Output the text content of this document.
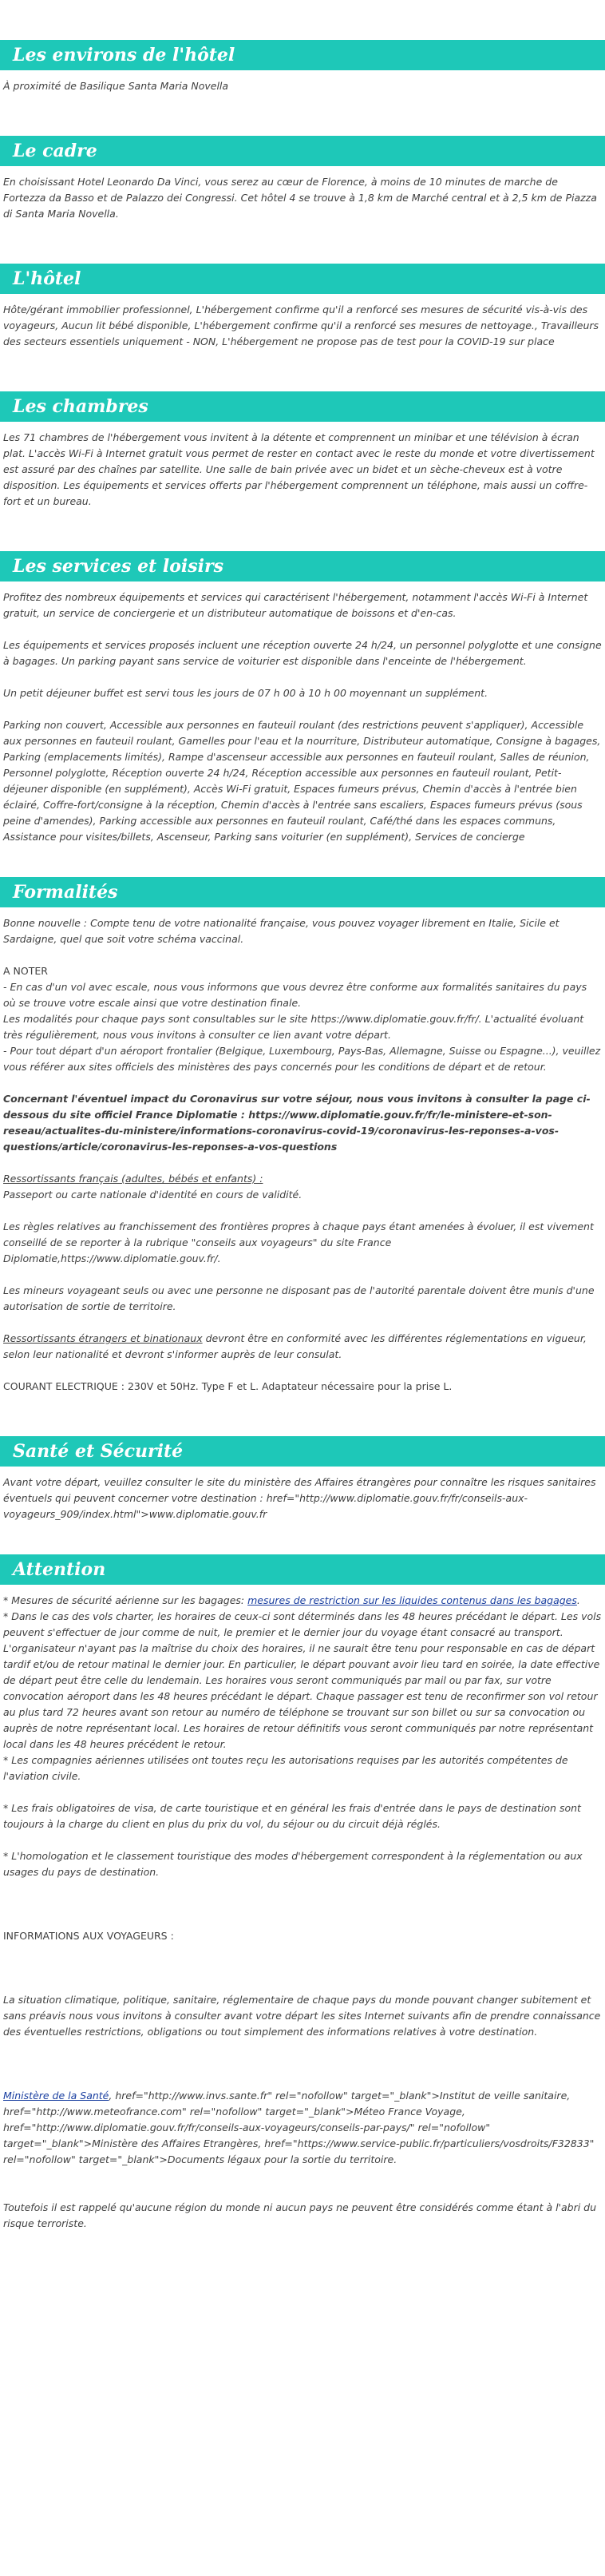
Les environs de l'hôtel

À proximité de Basilique Santa Maria Novella

Le cadre

En choisissant Hotel Leonardo Da Vinci, vous serez au cœur de Florence, à moins de 10 minutes de marche de Fortezza da Basso et de Palazzo dei Congressi. Cet hôtel 4 se trouve à 1,8 km de Marché central et à 2,5 km de Piazza di Santa Maria Novella.

L'hôtel

Hôte/gérant immobilier professionnel, L'hébergement confirme qu'il a renforcé ses mesures de sécurité vis-à-vis des voyageurs, Aucun lit bébé disponible, L'hébergement confirme qu'il a renforcé ses mesures de nettoyage., Travailleurs des secteurs essentiels uniquement - NON, L'hébergement ne propose pas de test pour la COVID-19 sur place

Les chambres

Les 71 chambres de l'hébergement vous invitent à la détente et comprennent un minibar et une télévision à écran plat. L'accès Wi-Fi à Internet gratuit vous permet de rester en contact avec le reste du monde et votre divertissement est assuré par des chaînes par satellite. Une salle de bain privée avec un bidet et un sèche-cheveux est à votre disposition. Les équipements et services offerts par l'hébergement comprennent un téléphone, mais aussi un coffre-fort et un bureau.

Les services et loisirs

Profitez des nombreux équipements et services qui caractérisent l'hébergement, notamment l'accès Wi-Fi à Internet gratuit, un service de conciergerie et un distributeur automatique de boissons et d'en-cas.

Les équipements et services proposés incluent une réception ouverte 24 h/24, un personnel polyglotte et une consigne à bagages. Un parking payant sans service de voiturier est disponible dans l'enceinte de l'hébergement.

Un petit déjeuner buffet est servi tous les jours de 07 h 00 à 10 h 00 moyennant un supplément.

Parking non couvert, Accessible aux personnes en fauteuil roulant (des restrictions peuvent s'appliquer), Accessible aux personnes en fauteuil roulant, Gamelles pour l'eau et la nourriture, Distributeur automatique, Consigne à bagages, Parking (emplacements limités), Rampe d'ascenseur accessible aux personnes en fauteuil roulant, Salles de réunion, Personnel polyglotte, Réception ouverte 24 h/24, Réception accessible aux personnes en fauteuil roulant, Petit-déjeuner disponible (en supplément), Accès Wi-Fi gratuit, Espaces fumeurs prévus, Chemin d'accès à l'entrée bien éclairé, Coffre-fort/consigne à la réception, Chemin d'accès à l'entrée sans escaliers, Espaces fumeurs prévus (sous peine d'amendes), Parking accessible aux personnes en fauteuil roulant, Café/thé dans les espaces communs, Assistance pour visites/billets, Ascenseur, Parking sans voiturier (en supplément), Services de concierge

Formalités

Bonne nouvelle : Compte tenu de votre nationalité française, vous pouvez voyager librement en Italie, Sicile et Sardaigne, quel que soit votre schéma vaccinal.

A NOTER
- En cas d'un vol avec escale, nous vous informons que vous devrez être conforme aux formalités sanitaires du pays où se trouve votre escale ainsi que votre destination finale.
Les modalités pour chaque pays sont consultables sur le site https://www.diplomatie.gouv.fr/fr/. L'actualité évoluant très régulièrement, nous vous invitons à consulter ce lien avant votre départ.
- Pour tout départ d'un aéroport frontalier (Belgique, Luxembourg, Pays-Bas, Allemagne, Suisse ou Espagne...), veuillez vous référer aux sites officiels des ministères des pays concernés pour les conditions de départ et de retour.

Concernant l'éventuel impact du Coronavirus sur votre séjour, nous vous invitons à consulter la page ci-dessous du site officiel France Diplomatie : https://www.diplomatie.gouv.fr/fr/le-ministere-et-son-reseau/actualites-du-ministere/informations-coronavirus-covid-19/coronavirus-les-reponses-a-vos-questions/article/coronavirus-les-reponses-a-vos-questions

Ressortissants français (adultes, bébés et enfants) :
Passeport ou carte nationale d'identité en cours de validité.

Les règles relatives au franchissement des frontières propres à chaque pays étant amenées à évoluer, il est vivement conseillé de se reporter à la rubrique "conseils aux voyageurs" du site France Diplomatie,https://www.diplomatie.gouv.fr/.

Les mineurs voyageant seuls ou avec une personne ne disposant pas de l'autorité parentale doivent être munis d'une autorisation de sortie de territoire.

Ressortissants étrangers et binationaux devront être en conformité avec les différentes réglementations en vigueur, selon leur nationalité et devront s'informer auprès de leur consulat.

COURANT ELECTRIQUE : 230V et 50Hz. Type F et L. Adaptateur nécessaire pour la prise L.

Santé et Sécurité

Avant votre départ, veuillez consulter le site du ministère des Affaires étrangères pour connaître les risques sanitaires éventuels qui peuvent concerner votre destination : href="http://www.diplomatie.gouv.fr/fr/conseils-aux-voyageurs_909/index.html">www.diplomatie.gouv.fr

Attention
* Mesures de sécurité aérienne sur les bagages: mesures de restriction sur les liquides contenus dans les bagages.
* Dans le cas des vols charter, les horaires de ceux-ci sont déterminés dans les 48 heures précédant le départ. Les vols peuvent s'effectuer de jour comme de nuit, le premier et le dernier jour du voyage étant consacré au transport. L'organisateur n'ayant pas la maîtrise du choix des horaires, il ne saurait être tenu pour responsable en cas de départ tardif et/ou de retour matinal le dernier jour. En particulier, le départ pouvant avoir lieu tard en soirée, la date effective de départ peut être celle du lendemain. Les horaires vous seront communiqués par mail ou par fax, sur votre convocation aéroport dans les 48 heures précédant le départ. Chaque passager est tenu de reconfirmer son vol retour au plus tard 72 heures avant son retour au numéro de téléphone se trouvant sur son billet ou sur sa convocation ou auprès de notre représentant local. Les horaires de retour définitifs vous seront communiqués par notre représentant local dans les 48 heures précédent le retour.

* Les compagnies aériennes utilisées ont toutes reçu les autorisations requises par les autorités compétentes de l'aviation civile.

* Les frais obligatoires de visa, de carte touristique et en général les frais d'entrée dans le pays de destination sont toujours à la charge du client en plus du prix du vol, du séjour ou du circuit déjà réglés.

* L'homologation et le classement touristique des modes d'hébergement correspondent à la réglementation ou aux usages du pays de destination.

INFORMATIONS AUX VOYAGEURS :

La situation climatique, politique, sanitaire, réglementaire de chaque pays du monde pouvant changer subitement et sans préavis nous vous invitons à consulter avant votre départ les sites Internet suivants afin de prendre connaissance des éventuelles restrictions, obligations ou tout simplement des informations relatives à votre destination.

Ministère de la Santé, href="http://www.invs.sante.fr" rel="nofollow" target="_blank">Institut de veille sanitaire, href="http://www.meteofrance.com" rel="nofollow" target="_blank">Méteo France Voyage, href="http://www.diplomatie.gouv.fr/fr/conseils-aux-voyageurs/conseils-par-pays/" rel="nofollow" target="_blank">Ministère des Affaires Etrangères, href="https://www.service-public.fr/particuliers/vosdroits/F32833" rel="nofollow" target="_blank">Documents légaux pour la sortie du territoire.

Toutefois il est rappelé qu'aucune région du monde ni aucun pays ne peuvent être considérés comme étant à l'abri du risque terroriste.
